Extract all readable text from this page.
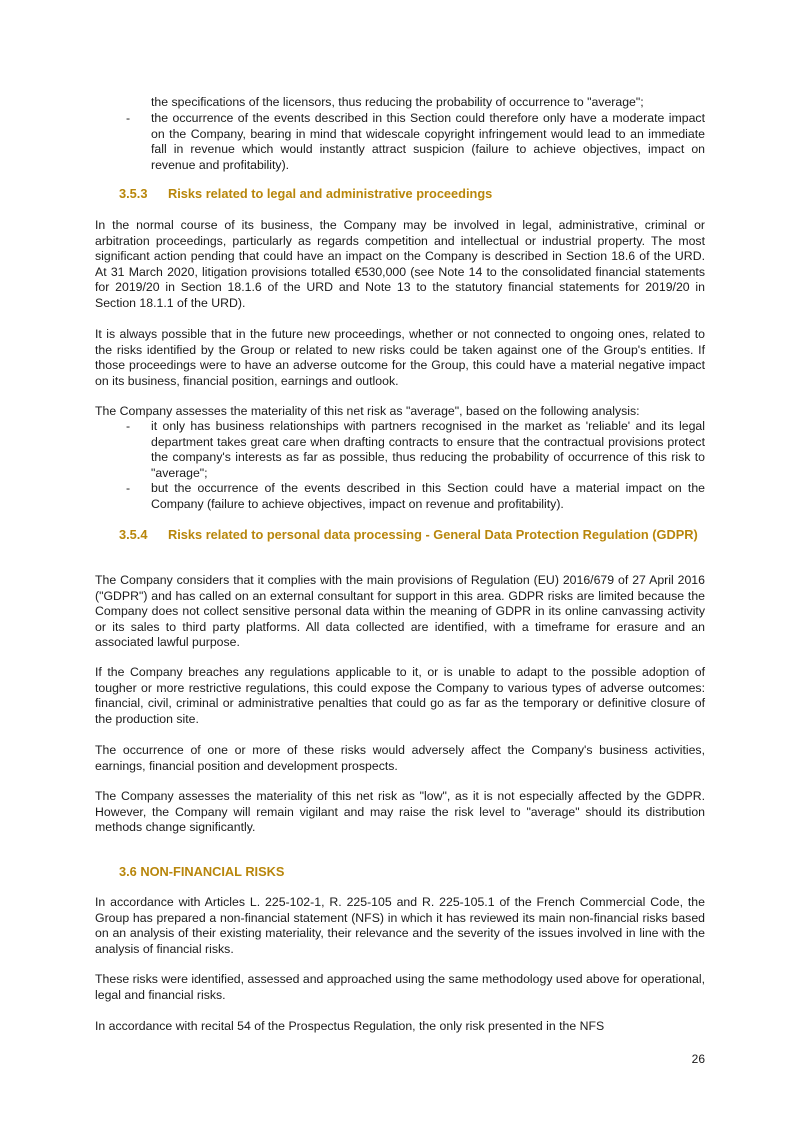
the specifications of the licensors, thus reducing the probability of occurrence to "average";

- the occurrence of the events described in this Section could therefore only have a moderate impact on the Company, bearing in mind that widescale copyright infringement would lead to an immediate fall in revenue which would instantly attract suspicion (failure to achieve objectives, impact on revenue and profitability).

3.5.3 Risks related to legal and administrative proceedings

In the normal course of its business, the Company may be involved in legal, administrative, criminal or arbitration proceedings, particularly as regards competition and intellectual or industrial property. The most significant action pending that could have an impact on the Company is described in Section 18.6 of the URD. At 31 March 2020, litigation provisions totalled €530,000 (see Note 14 to the consolidated financial statements for 2019/20 in Section 18.1.6 of the URD and Note 13 to the statutory financial statements for 2019/20 in Section 18.1.1 of the URD).

It is always possible that in the future new proceedings, whether or not connected to ongoing ones, related to the risks identified by the Group or related to new risks could be taken against one of the Group's entities. If those proceedings were to have an adverse outcome for the Group, this could have a material negative impact on its business, financial position, earnings and outlook.

The Company assesses the materiality of this net risk as "average", based on the following analysis:

- it only has business relationships with partners recognised in the market as 'reliable' and its legal department takes great care when drafting contracts to ensure that the contractual provisions protect the company's interests as far as possible, thus reducing the probability of occurrence of this risk to "average";

- but the occurrence of the events described in this Section could have a material impact on the Company (failure to achieve objectives, impact on revenue and profitability).

3.5.4 Risks related to personal data processing - General Data Protection Regulation (GDPR)

The Company considers that it complies with the main provisions of Regulation (EU) 2016/679 of 27 April 2016 ("GDPR") and has called on an external consultant for support in this area. GDPR risks are limited because the Company does not collect sensitive personal data within the meaning of GDPR in its online canvassing activity or its sales to third party platforms. All data collected are identified, with a timeframe for erasure and an associated lawful purpose.

If the Company breaches any regulations applicable to it, or is unable to adapt to the possible adoption of tougher or more restrictive regulations, this could expose the Company to various types of adverse outcomes: financial, civil, criminal or administrative penalties that could go as far as the temporary or definitive closure of the production site.

The occurrence of one or more of these risks would adversely affect the Company's business activities, earnings, financial position and development prospects.

The Company assesses the materiality of this net risk as "low", as it is not especially affected by the GDPR. However, the Company will remain vigilant and may raise the risk level to "average" should its distribution methods change significantly.

3.6 NON-FINANCIAL RISKS

In accordance with Articles L. 225-102-1, R. 225-105 and R. 225-105.1 of the French Commercial Code, the Group has prepared a non-financial statement (NFS) in which it has reviewed its main non-financial risks based on an analysis of their existing materiality, their relevance and the severity of the issues involved in line with the analysis of financial risks.

These risks were identified, assessed and approached using the same methodology used above for operational, legal and financial risks.

In accordance with recital 54 of the Prospectus Regulation, the only risk presented in the NFS

26
